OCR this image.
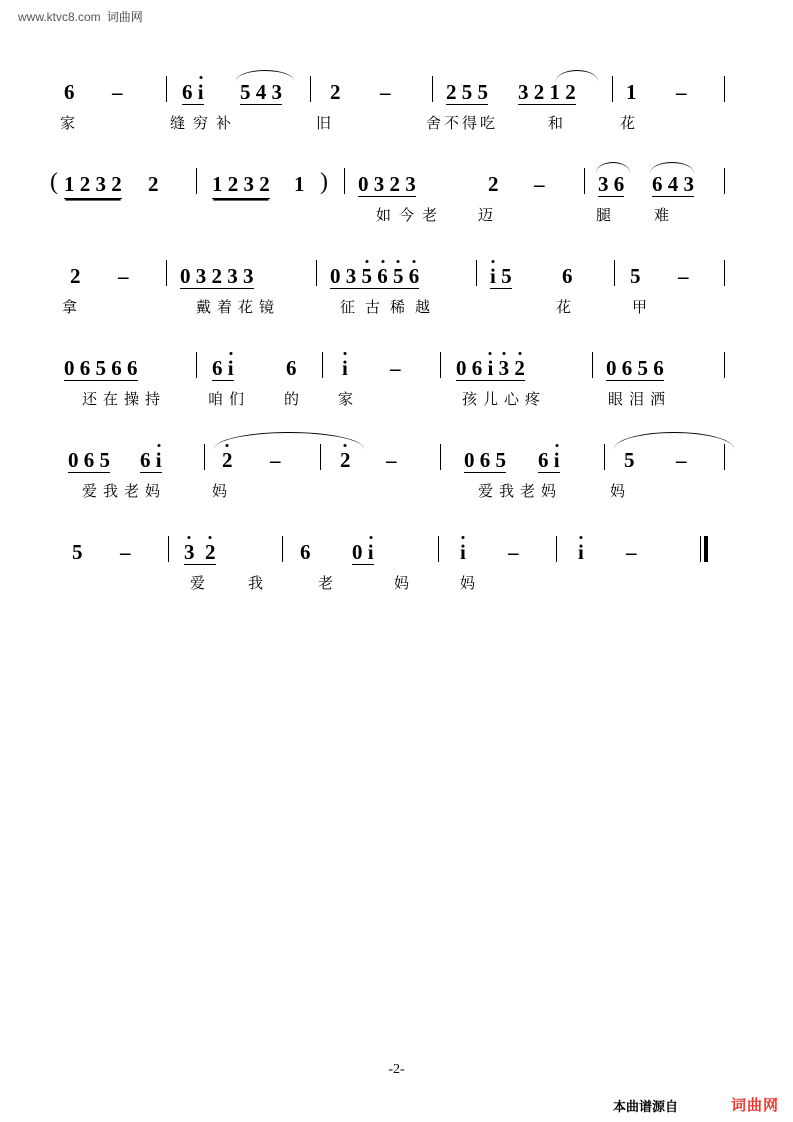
www.ktvc8.com 词曲网
6 –	6 i 5 4 3 2 –	2 5 5 3 2 1 2 1 –
家	缝穷补	旧	舍不得吃	和	花
( 1 2 3 2 2	1 2 3 2 1 ) 0 3 2 3	2 –	3 6 6 4 3
如今老 迈	腿	难
2 – 0 3 2 3 3	0 3 5 6 5 6	i 5 6	5 –
拿	戴着花镜	征古稀越	花	甲
0 6 5 6 6	6 i 6 i –	0 6 i 3 2	0 6 5 6
还在操持	咱们 的	家	孩儿心疼	眼泪洒
0 6 5 6 i	2 –	2 –	0 6 5 6 i	5 –
爱我老妈	妈	爱我老妈	妈
5 –	3 2	6 0 i	i –	i –
爱	我	老	妈	妈
-2-
本曲谱源自	词曲网
